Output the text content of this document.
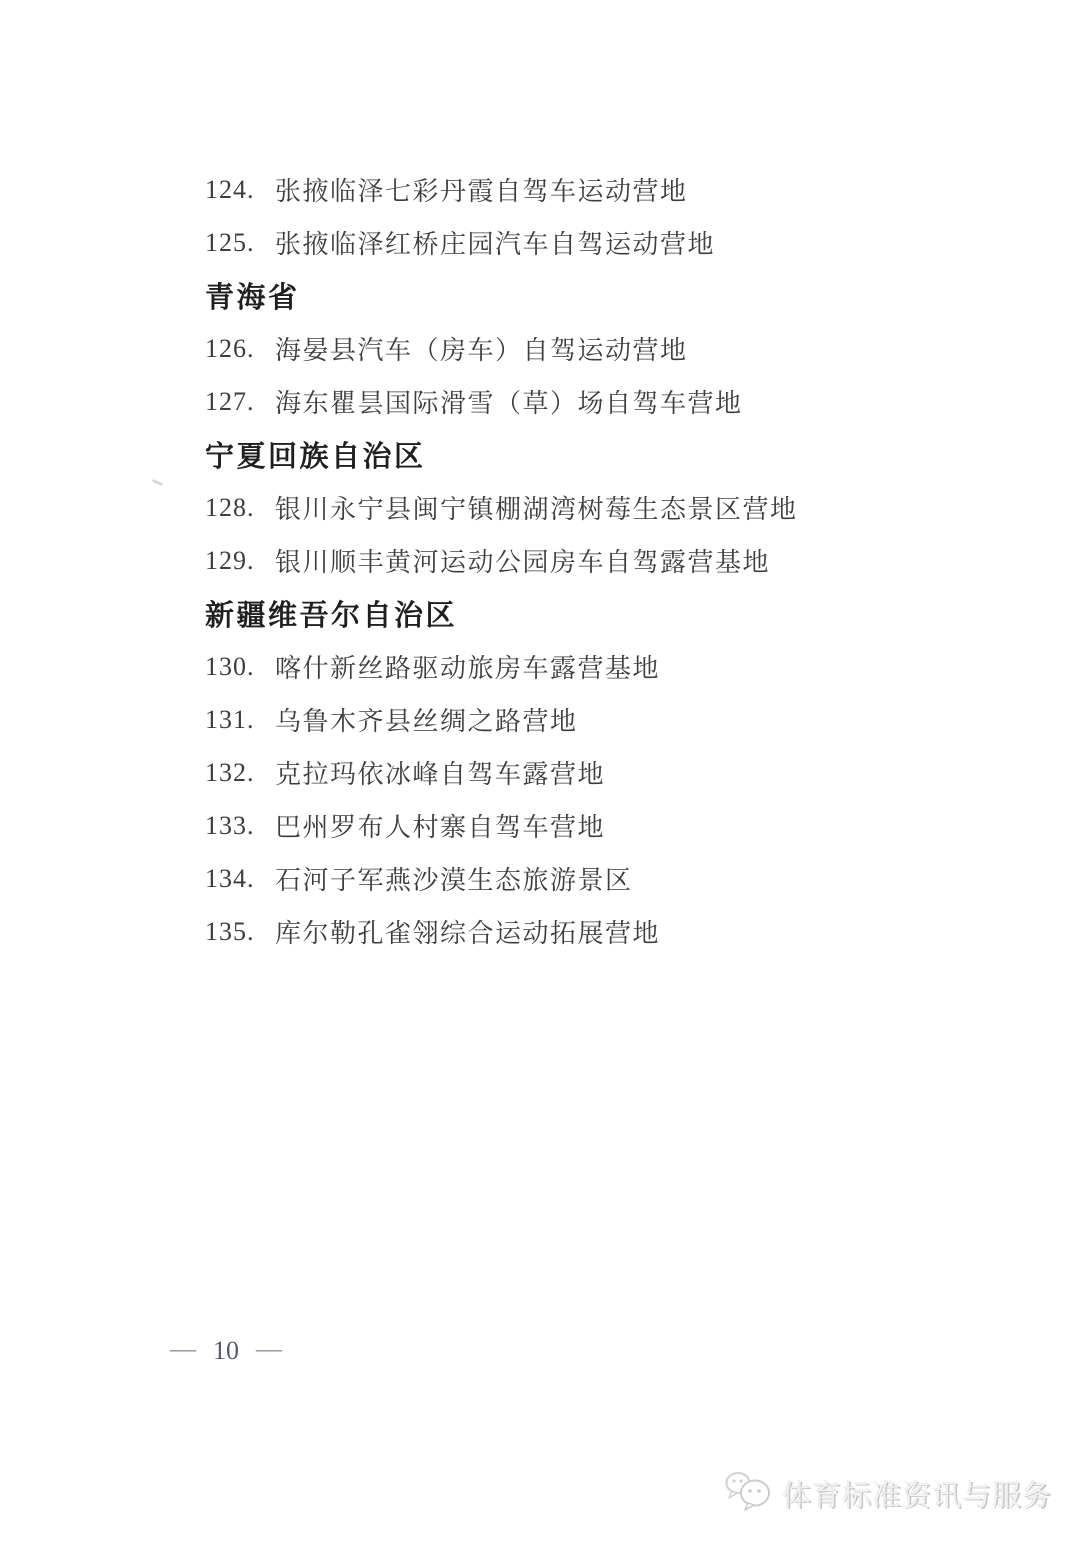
124. 张掖临泽七彩丹霞自驾车运动营地
125. 张掖临泽红桥庄园汽车自驾运动营地
青海省
126. 海晏县汽车（房车）自驾运动营地
127. 海东瞿昙国际滑雪（草）场自驾车营地
宁夏回族自治区
128. 银川永宁县闽宁镇棚湖湾树莓生态景区营地
129. 银川顺丰黄河运动公园房车自驾露营基地
新疆维吾尔自治区
130. 喀什新丝路驱动旅房车露营基地
131. 乌鲁木齐县丝绸之路营地
132. 克拉玛依冰峰自驾车露营地
133. 巴州罗布人村寨自驾车营地
134. 石河子军燕沙漠生态旅游景区
135. 库尔勒孔雀翎综合运动拓展营地
— 10 —
体育标准资讯与服务
